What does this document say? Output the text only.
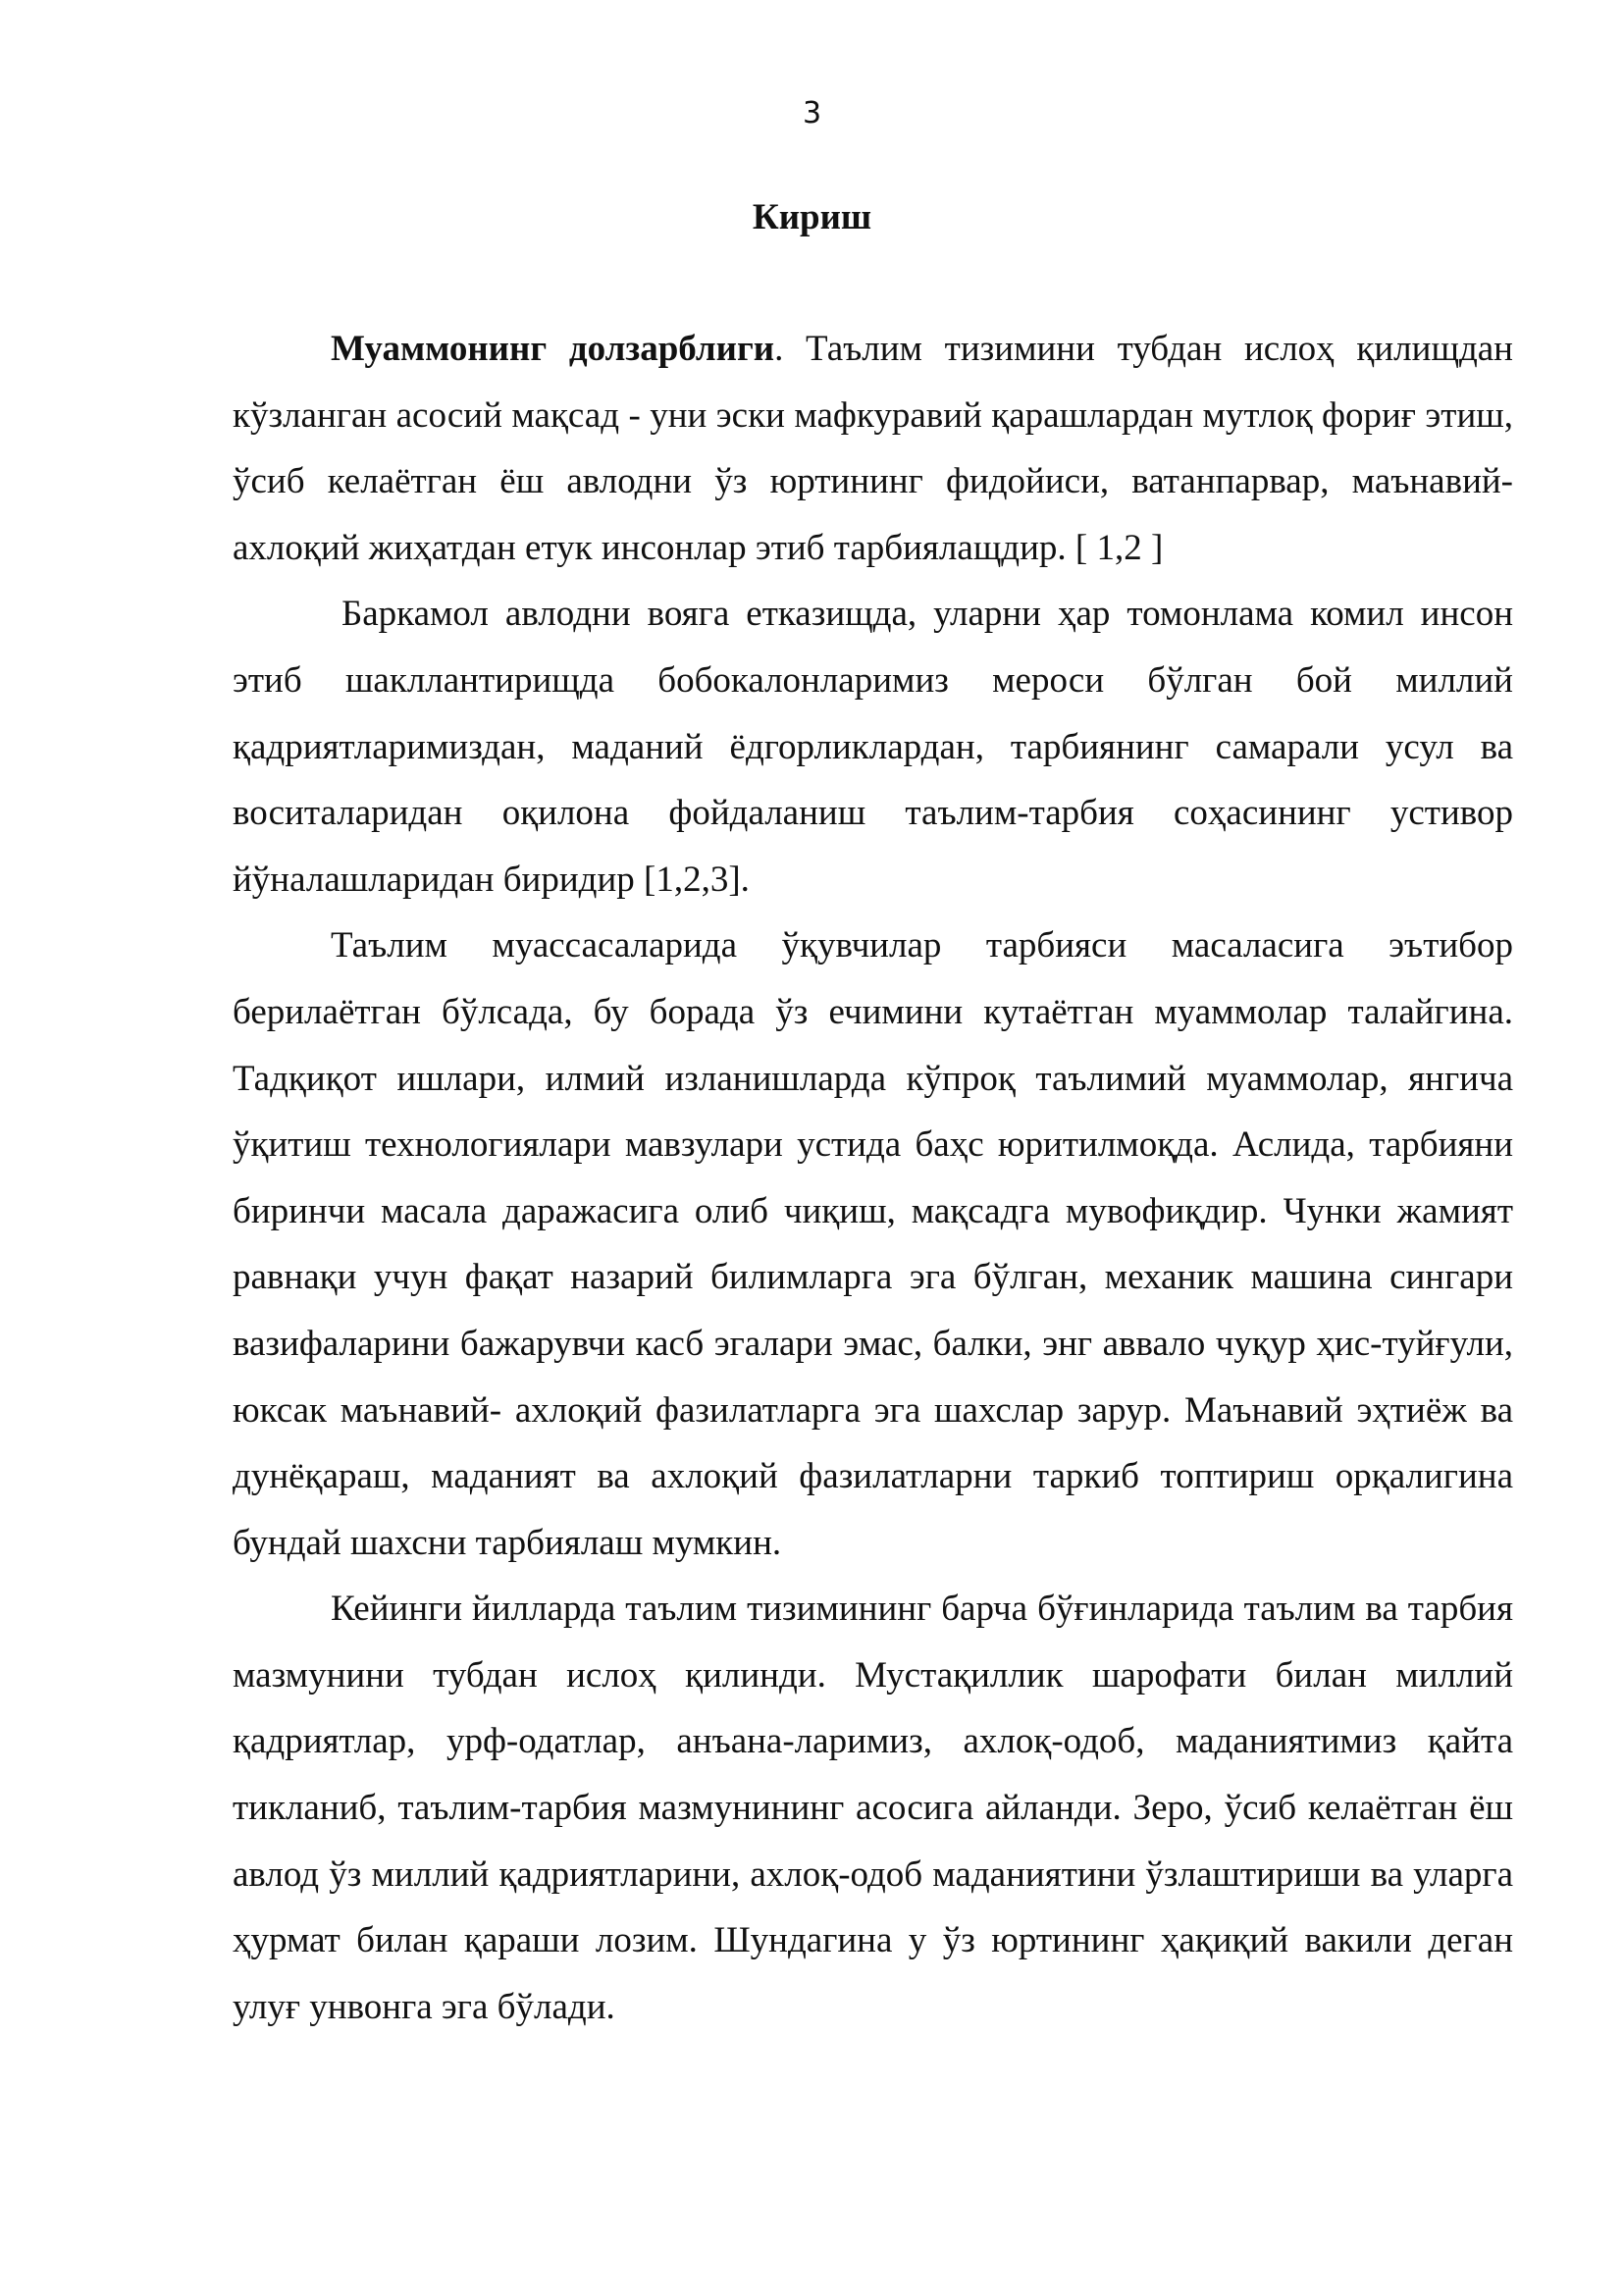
3
Кириш

Муаммонинг долзарблиги. Таълим тизимини тубдан ислоҳ қилищдан кўзланган асосий мақсад - уни эски мафкуравий қарашлардан мутлоқ фориғ этиш, ўсиб келаётган ёш авлодни ўз юртининг фидойиси, ватанпарвар, маънавий-ахлоқий жиҳатдан етук инсонлар этиб тарбиялащдир. [ 1,2 ]

Баркамол авлодни вояга етказищда, уларни ҳар томонлама комил инсон этиб шакллантирищда бобокалонларимиз мероси бўлган бой миллий қадриятларимиздан, маданий ёдгорликлардан, тарбиянинг самарали усул ва воситаларидан оқилона фойдаланиш таълим-тарбия соҳасининг устивор йўналашларидан биридир [1,2,3].

Таълим муассасаларида ўқувчилар тарбияси масаласига эътибор берилаётган бўлсада, бу борада ўз ечимини кутаётган муаммолар талайгина. Тадқиқот ишлари, илмий изланишларда кўпроқ таълимий муаммолар, янгича ўқитиш технологиялари мавзулари устида баҳс юритилмоқда. Аслида, тарбияни биринчи масала даражасига олиб чиқиш, мақсадга мувофиқдир. Чунки жамият равнақи учун фақат назарий билимларга эга бўлган, механик машина сингари вазифаларини бажарувчи касб эгалари эмас, балки, энг аввало чуқур ҳис-туйғули, юксак маънавий- ахлоқий фазилатларга эга шахслар зарур. Маънавий эҳтиёж ва дунёқараш, маданият ва ахлоқий фазилатларни таркиб топтириш орқалигина бундай шахсни тарбиялаш мумкин.

Кейинги йилларда таълим тизимининг барча бўғинларида таълим ва тарбия мазмунини тубдан ислоҳ қилинди. Мустақиллик шарофати билан миллий қадриятлар, урф-одатлар, анъана-ларимиз, ахлоқ-одоб, маданиятимиз қайта тикланиб, таълим-тарбия мазмунининг асосига айланди. Зеро, ўсиб келаётган ёш авлод ўз миллий қадриятларини, ахлоқ-одоб маданиятини ўзлаштириши ва уларга ҳурмат билан қараши лозим. Шундагина у ўз юртининг ҳақиқий вакили деган улуғ унвонга эга бўлади.
